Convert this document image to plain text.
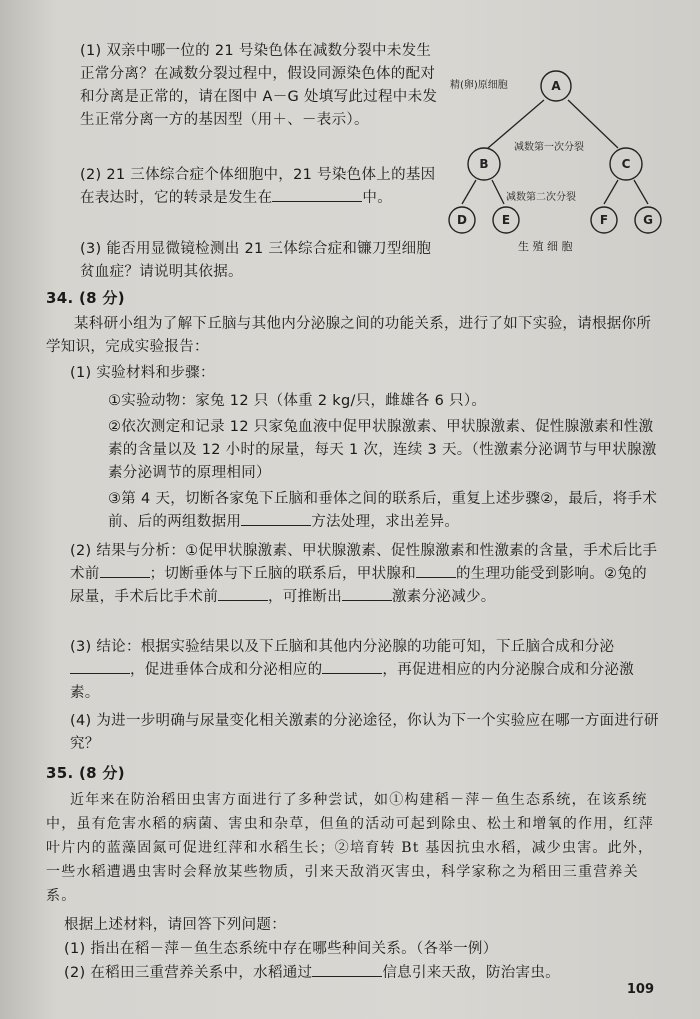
(1) 双亲中哪一位的 21 号染色体在减数分裂中未发生正常分离？在减数分裂过程中，假设同源染色体的配对和分离是正常的，请在图中 A－G 处填写此过程中未发生正常分离一方的基因型（用＋、－表示）。
(2) 21 三体综合症个体细胞中，21 号染色体上的基因在表达时，它的转录是发生在	中。
(3) 能否用显微镜检测出 21 三体综合症和镰刀型细胞贫血症？请说明其依据。
精(卵)原细胞
减数第一次分裂
减数第二次分裂
A
B	C
D	E	F	G
生 殖 细 胞
34. (8 分)
某科研小组为了解下丘脑与其他内分泌腺之间的功能关系，进行了如下实验，请根据你所学知识，完成实验报告：
(1) 实验材料和步骤：
①实验动物：家兔 12 只（体重 2 kg/只，雌雄各 6 只）。
②依次测定和记录 12 只家兔血液中促甲状腺激素、甲状腺激素、促性腺激素和性激素的含量以及 12 小时的尿量，每天 1 次，连续 3 天。（性激素分泌调节与甲状腺激素分泌调节的原理相同）
③第 4 天，切断各家兔下丘脑和垂体之间的联系后，重复上述步骤②，最后，将手术前、后的两组数据用	方法处理，求出差异。
(2) 结果与分析：①促甲状腺激素、甲状腺激素、促性腺激素和性激素的含量，手术后比手术前	；切断垂体与下丘脑的联系后，甲状腺和	的生理功能受到影响。②兔的尿量，手术后比手术前	，可推断出	激素分泌减少。
(3) 结论：根据实验结果以及下丘脑和其他内分泌腺的功能可知，下丘脑合成和分泌，促进垂体合成和分泌相应的	，再促进相应的内分泌腺合成和分泌激素。
(4) 为进一步明确与尿量变化相关激素的分泌途径，你认为下一个实验应在哪一方面进行研究？
35. (8 分)
近年来在防治稻田虫害方面进行了多种尝试，如①构建稻－萍－鱼生态系统，在该系统中，虽有危害水稻的病菌、害虫和杂草，但鱼的活动可起到除虫、松土和增氧的作用，红萍叶片内的蓝藻固氮可促进红萍和水稻生长；②培育转 Bt 基因抗虫水稻，减少虫害。此外，一些水稻遭遇虫害时会释放某些物质，引来天敌消灭害虫，科学家称之为稻田三重营养关系。
根据上述材料，请回答下列问题：
(1) 指出在稻－萍－鱼生态系统中存在哪些种间关系。（各举一例）
(2) 在稻田三重营养关系中，水稻通过	信息引来天敌，防治害虫。
109
